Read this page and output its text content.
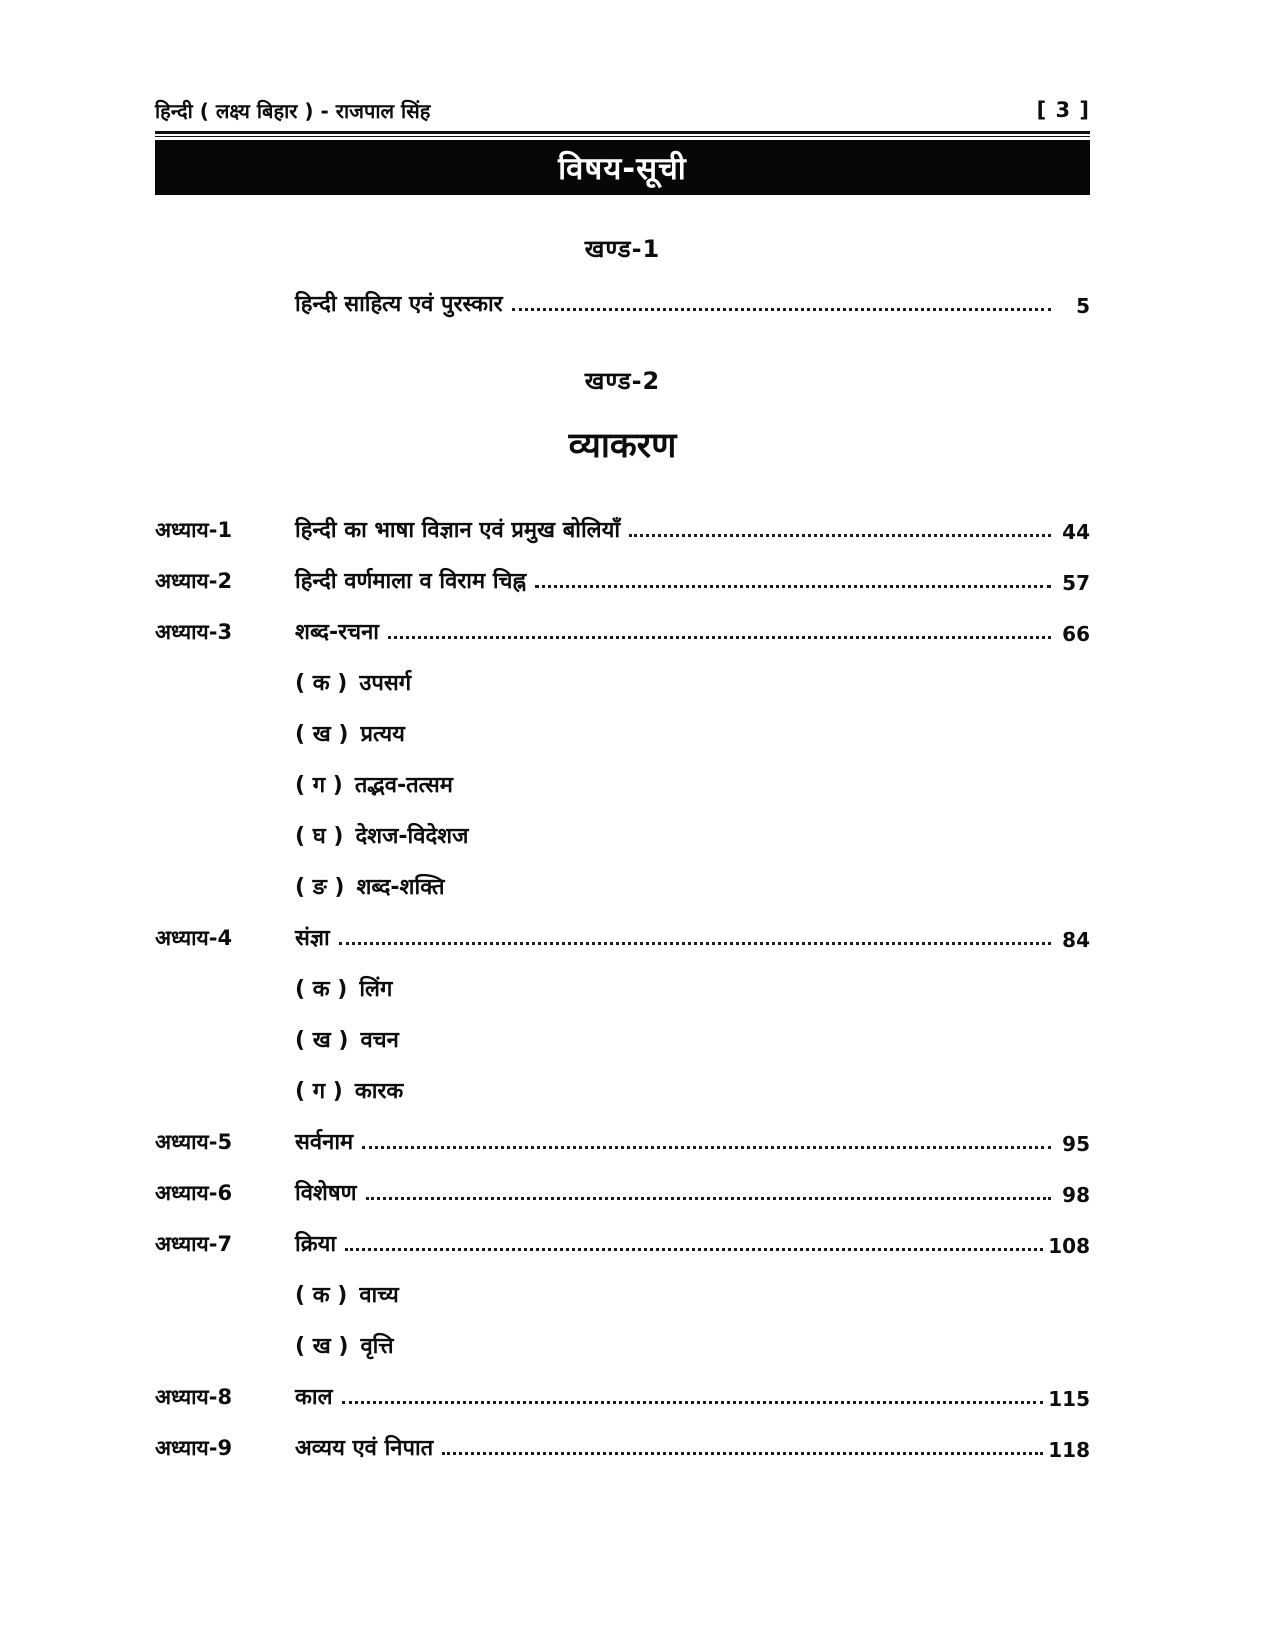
हिन्दी ( लक्ष्य बिहार ) - राजपाल सिंह	[ 3 ]
विषय-सूची
खण्ड-1
हिन्दी साहित्य एवं पुरस्कार	5
खण्ड-2
व्याकरण
अध्याय-1	हिन्दी का भाषा विज्ञान एवं प्रमुख बोलियाँ	44
अध्याय-2	हिन्दी वर्णमाला व विराम चिह्न	57
अध्याय-3	शब्द-रचना	66
( क ) उपसर्ग
( ख ) प्रत्यय
( ग ) तद्भव-तत्सम
( घ ) देशज-विदेशज
( ङ ) शब्द-शक्ति
अध्याय-4	संज्ञा	84
( क ) लिंग
( ख ) वचन
( ग ) कारक
अध्याय-5	सर्वनाम	95
अध्याय-6	विशेषण	98
अध्याय-7	क्रिया	108
( क ) वाच्य
( ख ) वृत्ति
अध्याय-8	काल	115
अध्याय-9	अव्यय एवं निपात	118
